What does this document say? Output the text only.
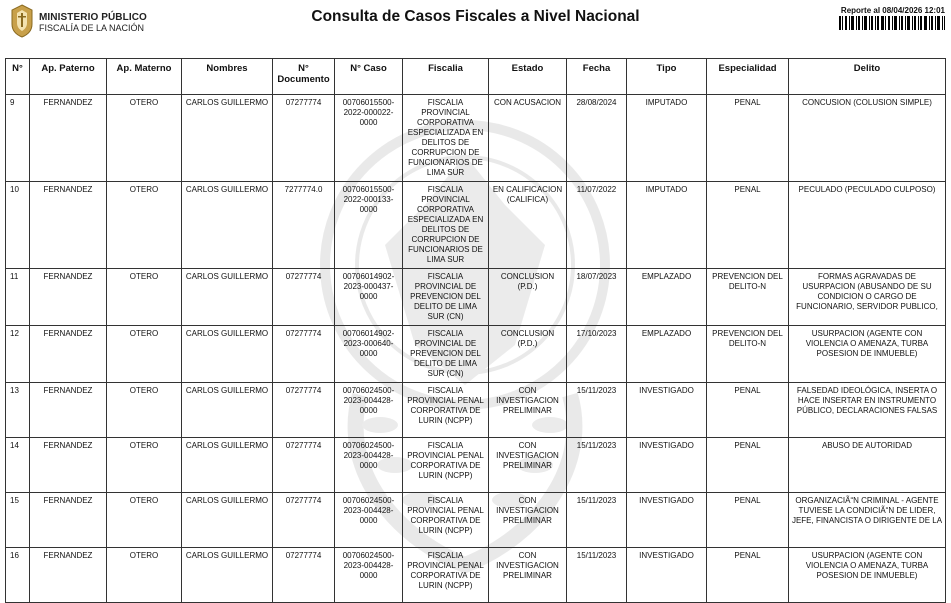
MINISTERIO PÚBLICO
FISCALÍA DE LA NACIÓN
Consulta de Casos Fiscales a Nivel Nacional	Reporte al 08/04/2026 12:01
N°	Ap. Paterno	Ap. Materno	Nombres	N° Documento	N° Caso	Fiscalia	Estado	Fecha	Tipo	Especialidad	Delito
9	FERNANDEZ	OTERO	CARLOS GUILLERMO	07277774	00706015500-2022-000022-0000	FISCALIA PROVINCIAL CORPORATIVA ESPECIALIZADA EN DELITOS DE CORRUPCION DE FUNCIONARIOS DE LIMA SUR	CON ACUSACION	28/08/2024	IMPUTADO	PENAL	CONCUSION (COLUSION SIMPLE)
10	FERNANDEZ	OTERO	CARLOS GUILLERMO	7277774.0	00706015500-2022-000133-0000	FISCALIA PROVINCIAL CORPORATIVA ESPECIALIZADA EN DELITOS DE CORRUPCION DE FUNCIONARIOS DE LIMA SUR	EN CALIFICACION (CALIFICA)	11/07/2022	IMPUTADO	PENAL	PECULADO (PECULADO CULPOSO)
11	FERNANDEZ	OTERO	CARLOS GUILLERMO	07277774	00706014902-2023-000437-0000	FISCALIA PROVINCIAL DE PREVENCION DEL DELITO DE LIMA SUR (CN)	CONCLUSION (P.D.)	18/07/2023	EMPLAZADO	PREVENCION DEL DELITO-N	FORMAS AGRAVADAS DE USURPACION (ABUSANDO DE SU CONDICION O CARGO DE FUNCIONARIO, SERVIDOR PUBLICO,
12	FERNANDEZ	OTERO	CARLOS GUILLERMO	07277774	00706014902-2023-000640-0000	FISCALIA PROVINCIAL DE PREVENCION DEL DELITO DE LIMA SUR (CN)	CONCLUSION (P.D.)	17/10/2023	EMPLAZADO	PREVENCION DEL DELITO-N	USURPACION (AGENTE CON VIOLENCIA O AMENAZA, TURBA POSESION DE INMUEBLE)
13	FERNANDEZ	OTERO	CARLOS GUILLERMO	07277774	00706024500-2023-004428-0000	FISCALIA PROVINCIAL PENAL CORPORATIVA DE LURIN (NCPP)	CON INVESTIGACION PRELIMINAR	15/11/2023	INVESTIGADO	PENAL	FALSEDAD IDEOLÓGICA, INSERTA O HACE INSERTAR EN INSTRUMENTO PÚBLICO, DECLARACIONES FALSAS
14	FERNANDEZ	OTERO	CARLOS GUILLERMO	07277774	00706024500-2023-004428-0000	FISCALIA PROVINCIAL PENAL CORPORATIVA DE LURIN (NCPP)	CON INVESTIGACION PRELIMINAR	15/11/2023	INVESTIGADO	PENAL	ABUSO DE AUTORIDAD
15	FERNANDEZ	OTERO	CARLOS GUILLERMO	07277774	00706024500-2023-004428-0000	FISCALIA PROVINCIAL PENAL CORPORATIVA DE LURIN (NCPP)	CON INVESTIGACION PRELIMINAR	15/11/2023	INVESTIGADO	PENAL	ORGANIZACIÃ“N CRIMINAL - AGENTE TUVIESE LA CONDICIÃ“N DE LIDER, JEFE, FINANCISTA O DIRIGENTE DE LA
16	FERNANDEZ	OTERO	CARLOS GUILLERMO	07277774	00706024500-2023-004428-0000	FISCALIA PROVINCIAL PENAL CORPORATIVA DE LURIN (NCPP)	CON INVESTIGACION PRELIMINAR	15/11/2023	INVESTIGADO	PENAL	USURPACION (AGENTE CON VIOLENCIA O AMENAZA, TURBA POSESION DE INMUEBLE)
